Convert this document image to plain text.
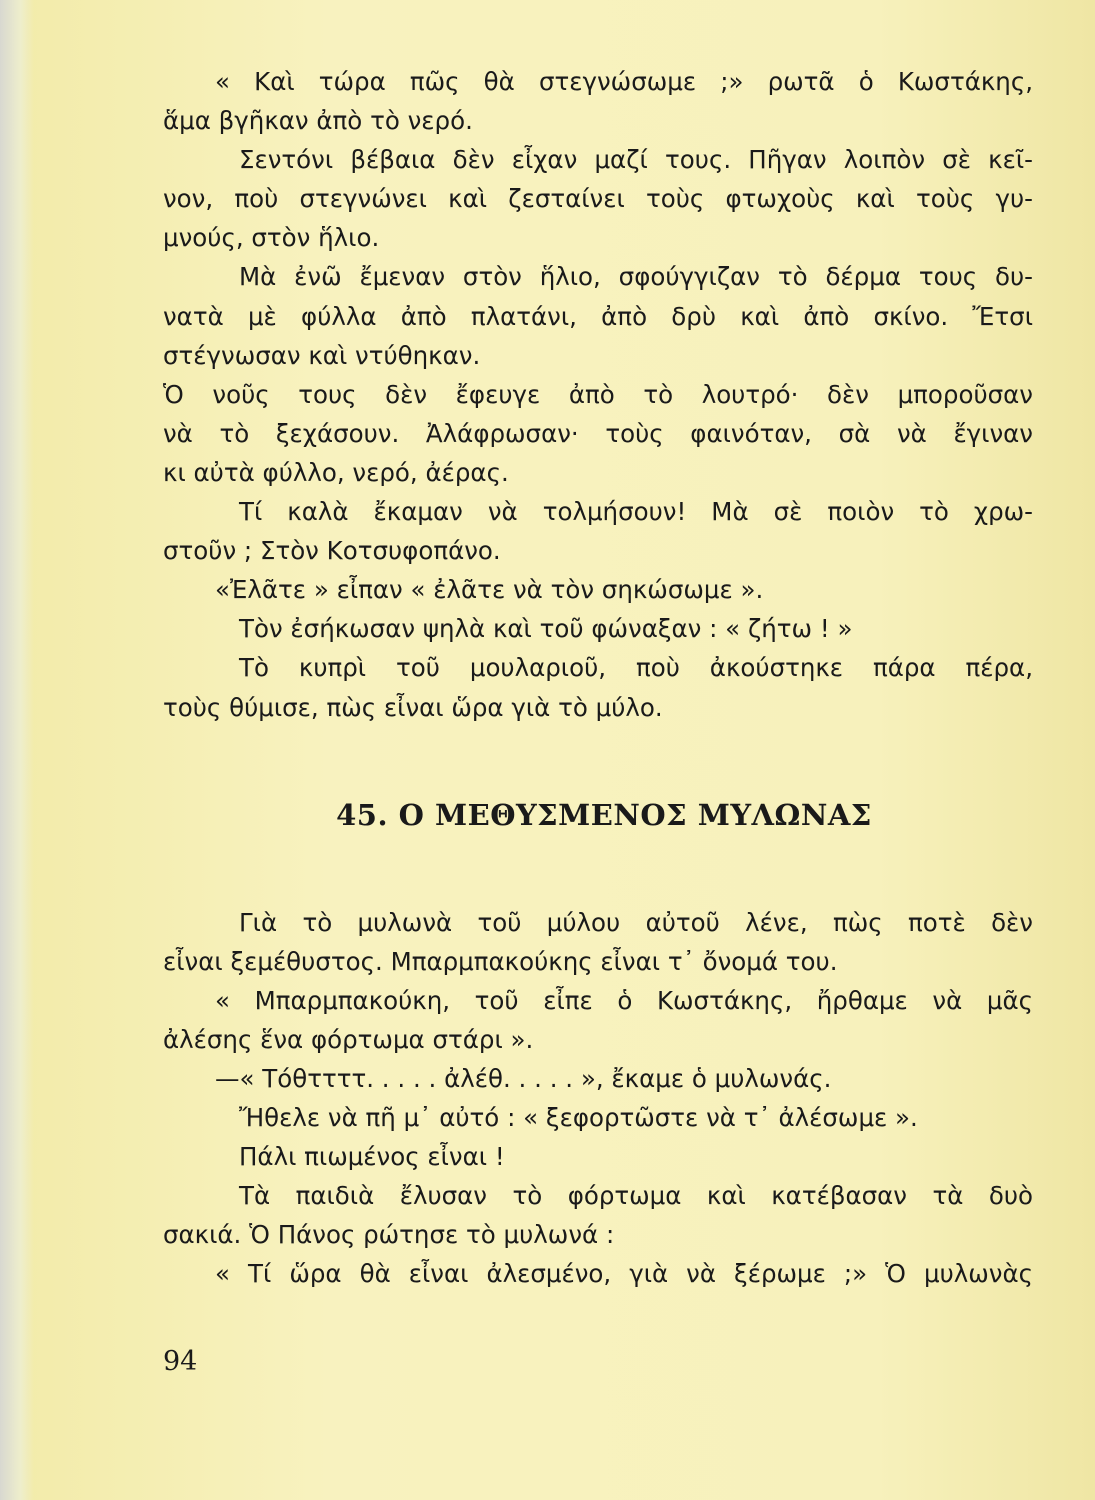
« Καὶ τώρα πῶς θὰ στεγνώσωμε ;» ρωτᾶ ὁ Κωστάκης,
ἅμα βγῆκαν ἀπὸ τὸ νερό.
Σεντόνι βέβαια δὲν εἶχαν μαζί τους. Πῆγαν λοιπὸν σὲ κεῖ-
νον, ποὺ στεγνώνει καὶ ζεσταίνει τοὺς φτωχοὺς καὶ τοὺς γυ-
μνούς, στὸν ἥλιο.
Μὰ ἐνῶ ἔμεναν στὸν ἥλιο, σφούγγιζαν τὸ δέρμα τους δυ-
νατὰ μὲ φύλλα ἀπὸ πλατάνι, ἀπὸ δρὺ καὶ ἀπὸ σκίνο. Ἔτσι
στέγνωσαν καὶ ντύθηκαν.
Ὁ νοῦς τους δὲν ἔφευγε ἀπὸ τὸ λουτρό· δὲν μποροῦσαν
νὰ τὸ ξεχάσουν. Ἀλάφρωσαν· τοὺς φαινόταν, σὰ νὰ ἔγιναν
κι αὐτὰ φύλλο, νερό, ἀέρας.
Τί καλὰ ἔκαμαν νὰ τολμήσουν! Μὰ σὲ ποιὸν τὸ χρω-
στοῦν ; Στὸν Κοτσυφοπάνο.
«Ἐλᾶτε » εἶπαν « ἐλᾶτε νὰ τὸν σηκώσωμε ».
Τὸν ἐσήκωσαν ψηλὰ καὶ τοῦ φώναξαν : « ζήτω ! »
Τὸ κυπρὶ τοῦ μουλαριοῦ, ποὺ ἀκούστηκε πάρα πέρα,
τοὺς θύμισε, πὼς εἶναι ὥρα γιὰ τὸ μύλο.
45. Ο ΜΕΘΥΣΜΕΝΟΣ ΜΥΛΩΝΑΣ
Γιὰ τὸ μυλωνὰ τοῦ μύλου αὐτοῦ λένε, πὼς ποτὲ δὲν
εἶναι ξεμέθυστος. Μπαρμπακούκης εἶναι τ᾽ ὄνομά του.
« Μπαρμπακούκη, τοῦ εἶπε ὁ Κωστάκης, ἤρθαμε νὰ μᾶς
ἀλέσης ἕνα φόρτωμα στάρι ».
—« Τόθττττ. . . . . ἀλέθ. . . . . », ἔκαμε ὁ μυλωνάς.
Ἤθελε νὰ πῆ μ᾽ αὐτό : « ξεφορτῶστε νὰ τ᾽ ἀλέσωμε ».
Πάλι πιωμένος εἶναι !
Τὰ παιδιὰ ἔλυσαν τὸ φόρτωμα καὶ κατέβασαν τὰ δυὸ
σακιά. Ὁ Πάνος ρώτησε τὸ μυλωνά :
« Τί ὥρα θὰ εἶναι ἀλεσμένο, γιὰ νὰ ξέρωμε ;» Ὁ μυλωνὰς
94
